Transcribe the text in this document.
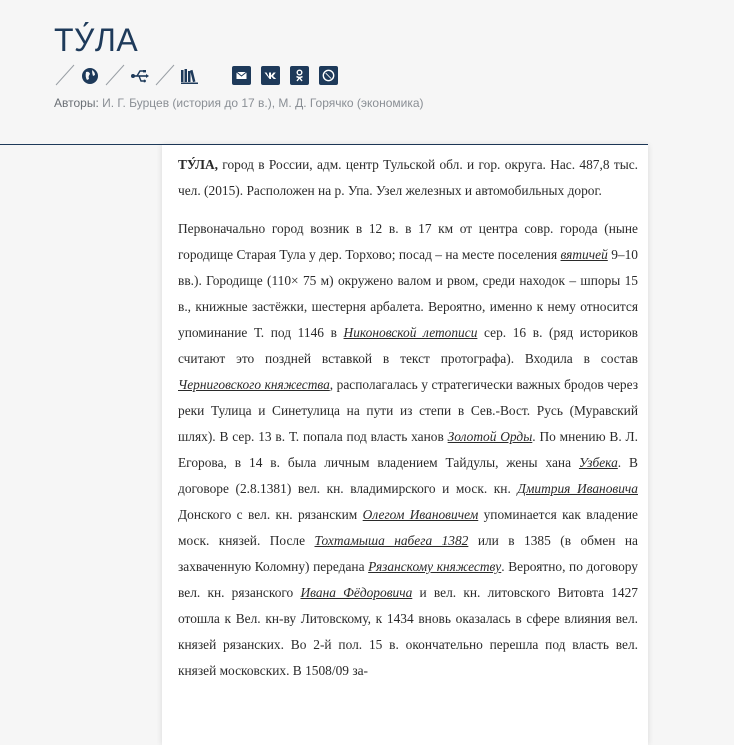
ТУ́ЛА
Авторы: И. Г. Бурцев (история до 17 в.), М. Д. Горячко (экономика)

ТУ́ЛА, город в России, адм. центр Тульской обл. и гор. округа. Нас. 487,8 тыс. чел. (2015). Расположен на р. Упа. Узел железных и автомобильных дорог.

Первоначально город возник в 12 в. в 17 км от центра совр. города (ныне городище Старая Тула у дер. Торхово; посад – на месте поселения вятичей 9–10 вв.). Городище (110× 75 м) окружено валом и рвом, среди находок – шпоры 15 в., книжные застёжки, шестерня арбалета. Вероятно, именно к нему относится упоминание Т. под 1146 в Никоновской летописи сер. 16 в. (ряд историков считают это поздней вставкой в текст протографа). Входила в состав Черниговского княжества, располагалась у стратегически важных бродов через реки Тулица и Синетулица на пути из степи в Сев.-Вост. Русь (Муравский шлях). В сер. 13 в. Т. попала под власть ханов Золотой Орды. По мнению В. Л. Егорова, в 14 в. была личным владением Тайдулы, жены хана Узбека. В договоре (2.8.1381) вел. кн. владимирского и моск. кн. Дмитрия Ивановича Донского с вел. кн. рязанским Олегом Ивановичем упоминается как владение моск. князей. После Тохтамыша набега 1382 или в 1385 (в обмен на захваченную Коломну) передана Рязанскому княжеству. Вероятно, по договору вел. кн. рязанского Ивана Фёдоровича и вел. кн. литовского Витовта 1427 отошла к Вел. кн-ву Литовскому, к 1434 вновь оказалась в сфере влияния вел. князей рязанских. Во 2-й пол. 15 в. окончательно перешла под власть вел. князей московских. В 1508/09 за-
